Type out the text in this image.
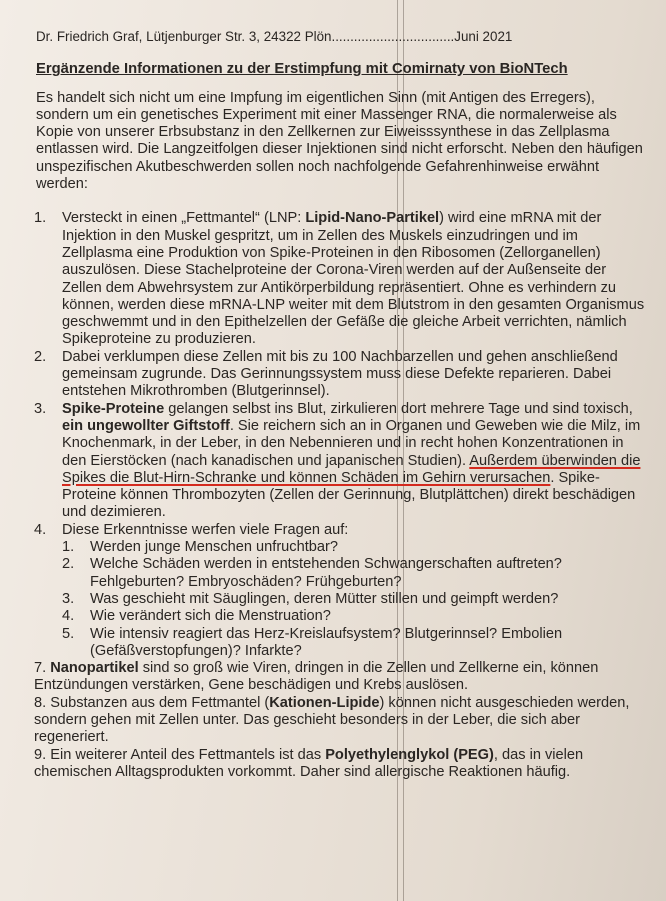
Dr. Friedrich Graf, Lütjenburger Str. 3, 24322 Plön.................................Juni 2021
Ergänzende Informationen zu der Erstimpfung mit Comirnaty von BioNTech
Es handelt sich nicht um eine Impfung im eigentlichen Sinn (mit Antigen des Erregers), sondern um ein genetisches Experiment mit einer Massenger RNA, die normalerweise als Kopie von unserer Erbsubstanz in den Zellkernen zur Eiweisssynthese in das Zellplasma entlassen wird. Die Langzeitfolgen dieser Injektionen sind nicht erforscht. Neben den häufigen unspezifischen Akutbeschwerden sollen noch nachfolgende Gefahrenhinweise erwähnt werden:
1. Versteckt in einen „Fettmantel“ (LNP: Lipid-Nano-Partikel) wird eine mRNA mit der Injektion in den Muskel gespritzt, um in Zellen des Muskels einzudringen und im Zellplasma eine Produktion von Spike-Proteinen in den Ribosomen (Zellorganellen) auszulösen. Diese Stachelproteine der Corona-Viren werden auf der Außenseite der Zellen dem Abwehrsystem zur Antikörperbildung repräsentiert. Ohne es verhindern zu können, werden diese mRNA-LNP weiter mit dem Blutstrom in den gesamten Organismus geschwemmt und in den Epithelzellen der Gefäße die gleiche Arbeit verrichten, nämlich Spikeproteine zu produzieren.
2. Dabei verklumpen diese Zellen mit bis zu 100 Nachbarzellen und gehen anschließend gemeinsam zugrunde. Das Gerinnungssystem muss diese Defekte reparieren. Dabei entstehen Mikrothromben (Blutgerinnsel).
3. Spike-Proteine gelangen selbst ins Blut, zirkulieren dort mehrere Tage und sind toxisch, ein ungewollter Giftstoff. Sie reichern sich an in Organen und Geweben wie die Milz, im Knochenmark, in der Leber, in den Nebennieren und in recht hohen Konzentrationen in den Eierstöcken (nach kanadischen und japanischen Studien). Außerdem überwinden die Spikes die Blut-Hirn-Schranke und können Schäden im Gehirn verursachen. Spike-Proteine können Thrombozyten (Zellen der Gerinnung, Blutplättchen) direkt beschädigen und dezimieren.
4. Diese Erkenntnisse werfen viele Fragen auf:
1. Werden junge Menschen unfruchtbar?
2. Welche Schäden werden in entstehenden Schwangerschaften auftreten? Fehlgeburten? Embryoschäden? Frühgeburten?
3. Was geschieht mit Säuglingen, deren Mütter stillen und geimpft werden?
4. Wie verändert sich die Menstruation?
5. Wie intensiv reagiert das Herz-Kreislaufsystem? Blutgerinnsel? Embolien (Gefäßverstopfungen)? Infarkte?
7. Nanopartikel sind so groß wie Viren, dringen in die Zellen und Zellkerne ein, können Entzündungen verstärken, Gene beschädigen und Krebs auslösen.
8. Substanzen aus dem Fettmantel (Kationen-Lipide) können nicht ausgeschieden werden, sondern gehen mit Zellen unter. Das geschieht besonders in der Leber, die sich aber regeneriert.
9. Ein weiterer Anteil des Fettmantels ist das Polyethylenglykol (PEG), das in vielen chemischen Alltagsprodukten vorkommt. Daher sind allergische Reaktionen häufig.
